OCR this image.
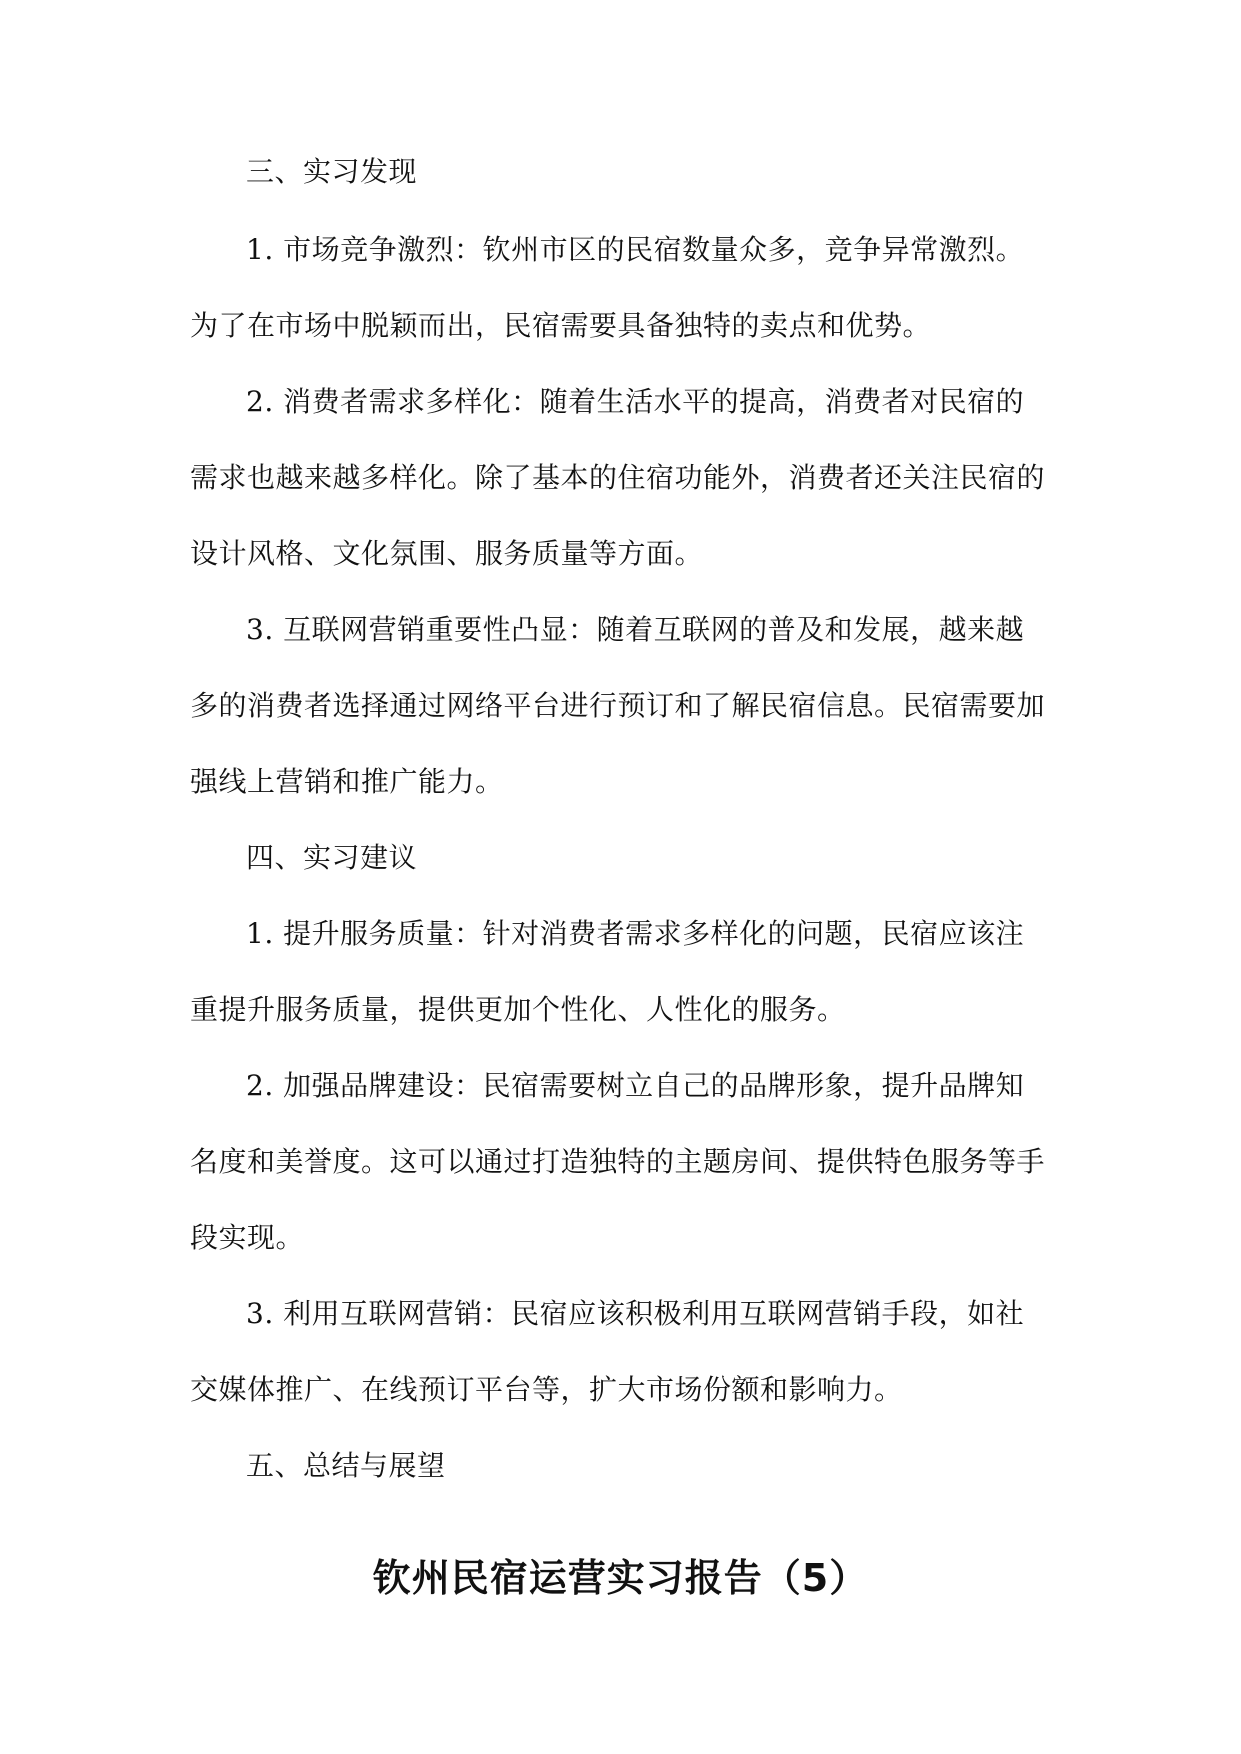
三、实习发现
1. 市场竞争激烈：钦州市区的民宿数量众多，竞争异常激烈。
为了在市场中脱颖而出，民宿需要具备独特的卖点和优势。
2. 消费者需求多样化：随着生活水平的提高，消费者对民宿的
需求也越来越多样化。除了基本的住宿功能外，消费者还关注民宿的
设计风格、文化氛围、服务质量等方面。
3. 互联网营销重要性凸显：随着互联网的普及和发展，越来越
多的消费者选择通过网络平台进行预订和了解民宿信息。民宿需要加
强线上营销和推广能力。
四、实习建议
1. 提升服务质量：针对消费者需求多样化的问题，民宿应该注
重提升服务质量，提供更加个性化、人性化的服务。
2. 加强品牌建设：民宿需要树立自己的品牌形象，提升品牌知
名度和美誉度。这可以通过打造独特的主题房间、提供特色服务等手
段实现。
3. 利用互联网营销：民宿应该积极利用互联网营销手段，如社
交媒体推广、在线预订平台等，扩大市场份额和影响力。
五、总结与展望
钦州民宿运营实习报告（5）
